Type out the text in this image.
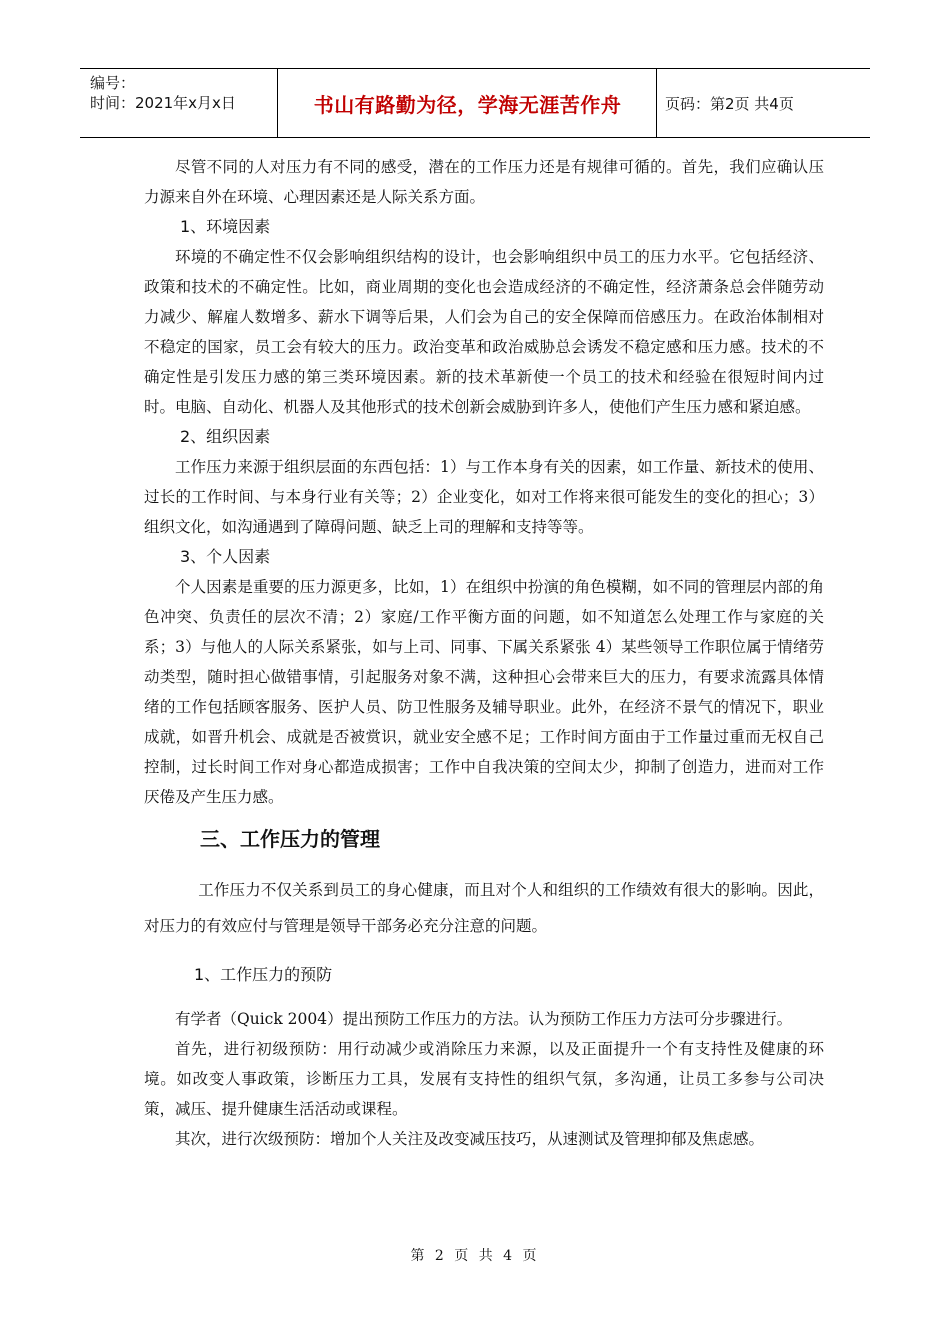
编号：
时间：2021年x月x日	书山有路勤为径，学海无涯苦作舟	页码：第2页 共4页

尽管不同的人对压力有不同的感受，潜在的工作压力还是有规律可循的。首先，我们应确认压力源来自外在环境、心理因素还是人际关系方面。

1、环境因素

环境的不确定性不仅会影响组织结构的设计，也会影响组织中员工的压力水平。它包括经济、政策和技术的不确定性。比如，商业周期的变化也会造成经济的不确定性，经济萧条总会伴随劳动力减少、解雇人数增多、薪水下调等后果，人们会为自己的安全保障而倍感压力。在政治体制相对不稳定的国家，员工会有较大的压力。政治变革和政治威胁总会诱发不稳定感和压力感。技术的不确定性是引发压力感的第三类环境因素。新的技术革新使一个员工的技术和经验在很短时间内过时。电脑、自动化、机器人及其他形式的技术创新会威胁到许多人，使他们产生压力感和紧迫感。

2、组织因素

工作压力来源于组织层面的东西包括：1）与工作本身有关的因素，如工作量、新技术的使用、过长的工作时间、与本身行业有关等；2）企业变化，如对工作将来很可能发生的变化的担心；3）组织文化，如沟通遇到了障碍问题、缺乏上司的理解和支持等等。

3、个人因素

个人因素是重要的压力源更多，比如，1）在组织中扮演的角色模糊，如不同的管理层内部的角色冲突、负责任的层次不清；2）家庭/工作平衡方面的问题，如不知道怎么处理工作与家庭的关系；3）与他人的人际关系紧张，如与上司、同事、下属关系紧张 4）某些领导工作职位属于情绪劳动类型，随时担心做错事情，引起服务对象不满，这种担心会带来巨大的压力，有要求流露具体情绪的工作包括顾客服务、医护人员、防卫性服务及辅导职业。此外，在经济不景气的情况下，职业成就，如晋升机会、成就是否被赏识，就业安全感不足；工作时间方面由于工作量过重而无权自己控制，过长时间工作对身心都造成损害；工作中自我决策的空间太少，抑制了创造力，进而对工作厌倦及产生压力感。

三、工作压力的管理

工作压力不仅关系到员工的身心健康，而且对个人和组织的工作绩效有很大的影响。因此，对压力的有效应付与管理是领导干部务必充分注意的问题。

1、工作压力的预防

有学者（Quick 2004）提出预防工作压力的方法。认为预防工作压力方法可分步骤进行。

首先，进行初级预防：用行动减少或消除压力来源，以及正面提升一个有支持性及健康的环境。如改变人事政策，诊断压力工具，发展有支持性的组织气氛，多沟通，让员工多参与公司决策，减压、提升健康生活活动或课程。

其次，进行次级预防：增加个人关注及改变减压技巧，从速测试及管理抑郁及焦虑感。

第 2 页 共 4 页
